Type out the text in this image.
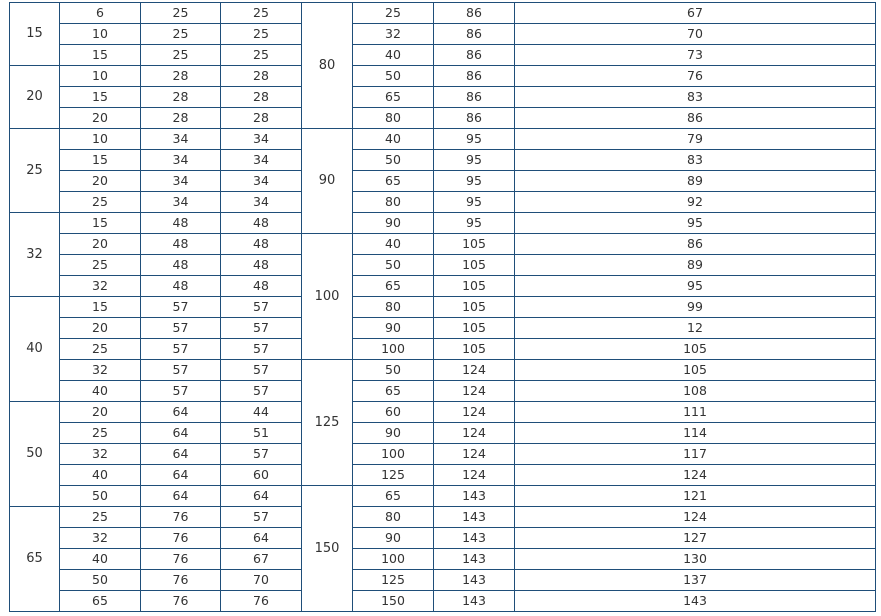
15	6	25	25	80	25	86	67
	10	25	25		32	86	70
	15	25	25		40	86	73
20	10	28	28		50	86	76
	15	28	28		65	86	83
	20	28	28		80	86	86
25	10	34	34	90	40	95	79
	15	34	34		50	95	83
	20	34	34		65	95	89
	25	34	34		80	95	92
32	15	48	48		90	95	95
	20	48	48	100	40	105	86
	25	48	48		50	105	89
	32	48	48		65	105	95
40	15	57	57		80	105	99
	20	57	57		90	105	12
	25	57	57		100	105	105
	32	57	57	125	50	124	105
	40	57	57		65	124	108
50	20	64	44		60	124	111
	25	64	51		90	124	114
	32	64	57		100	124	117
	40	64	60		125	124	124
	50	64	64	150	65	143	121
65	25	76	57		80	143	124
	32	76	64		90	143	127
	40	76	67		100	143	130
	50	76	70		125	143	137
	65	76	76		150	143	143
